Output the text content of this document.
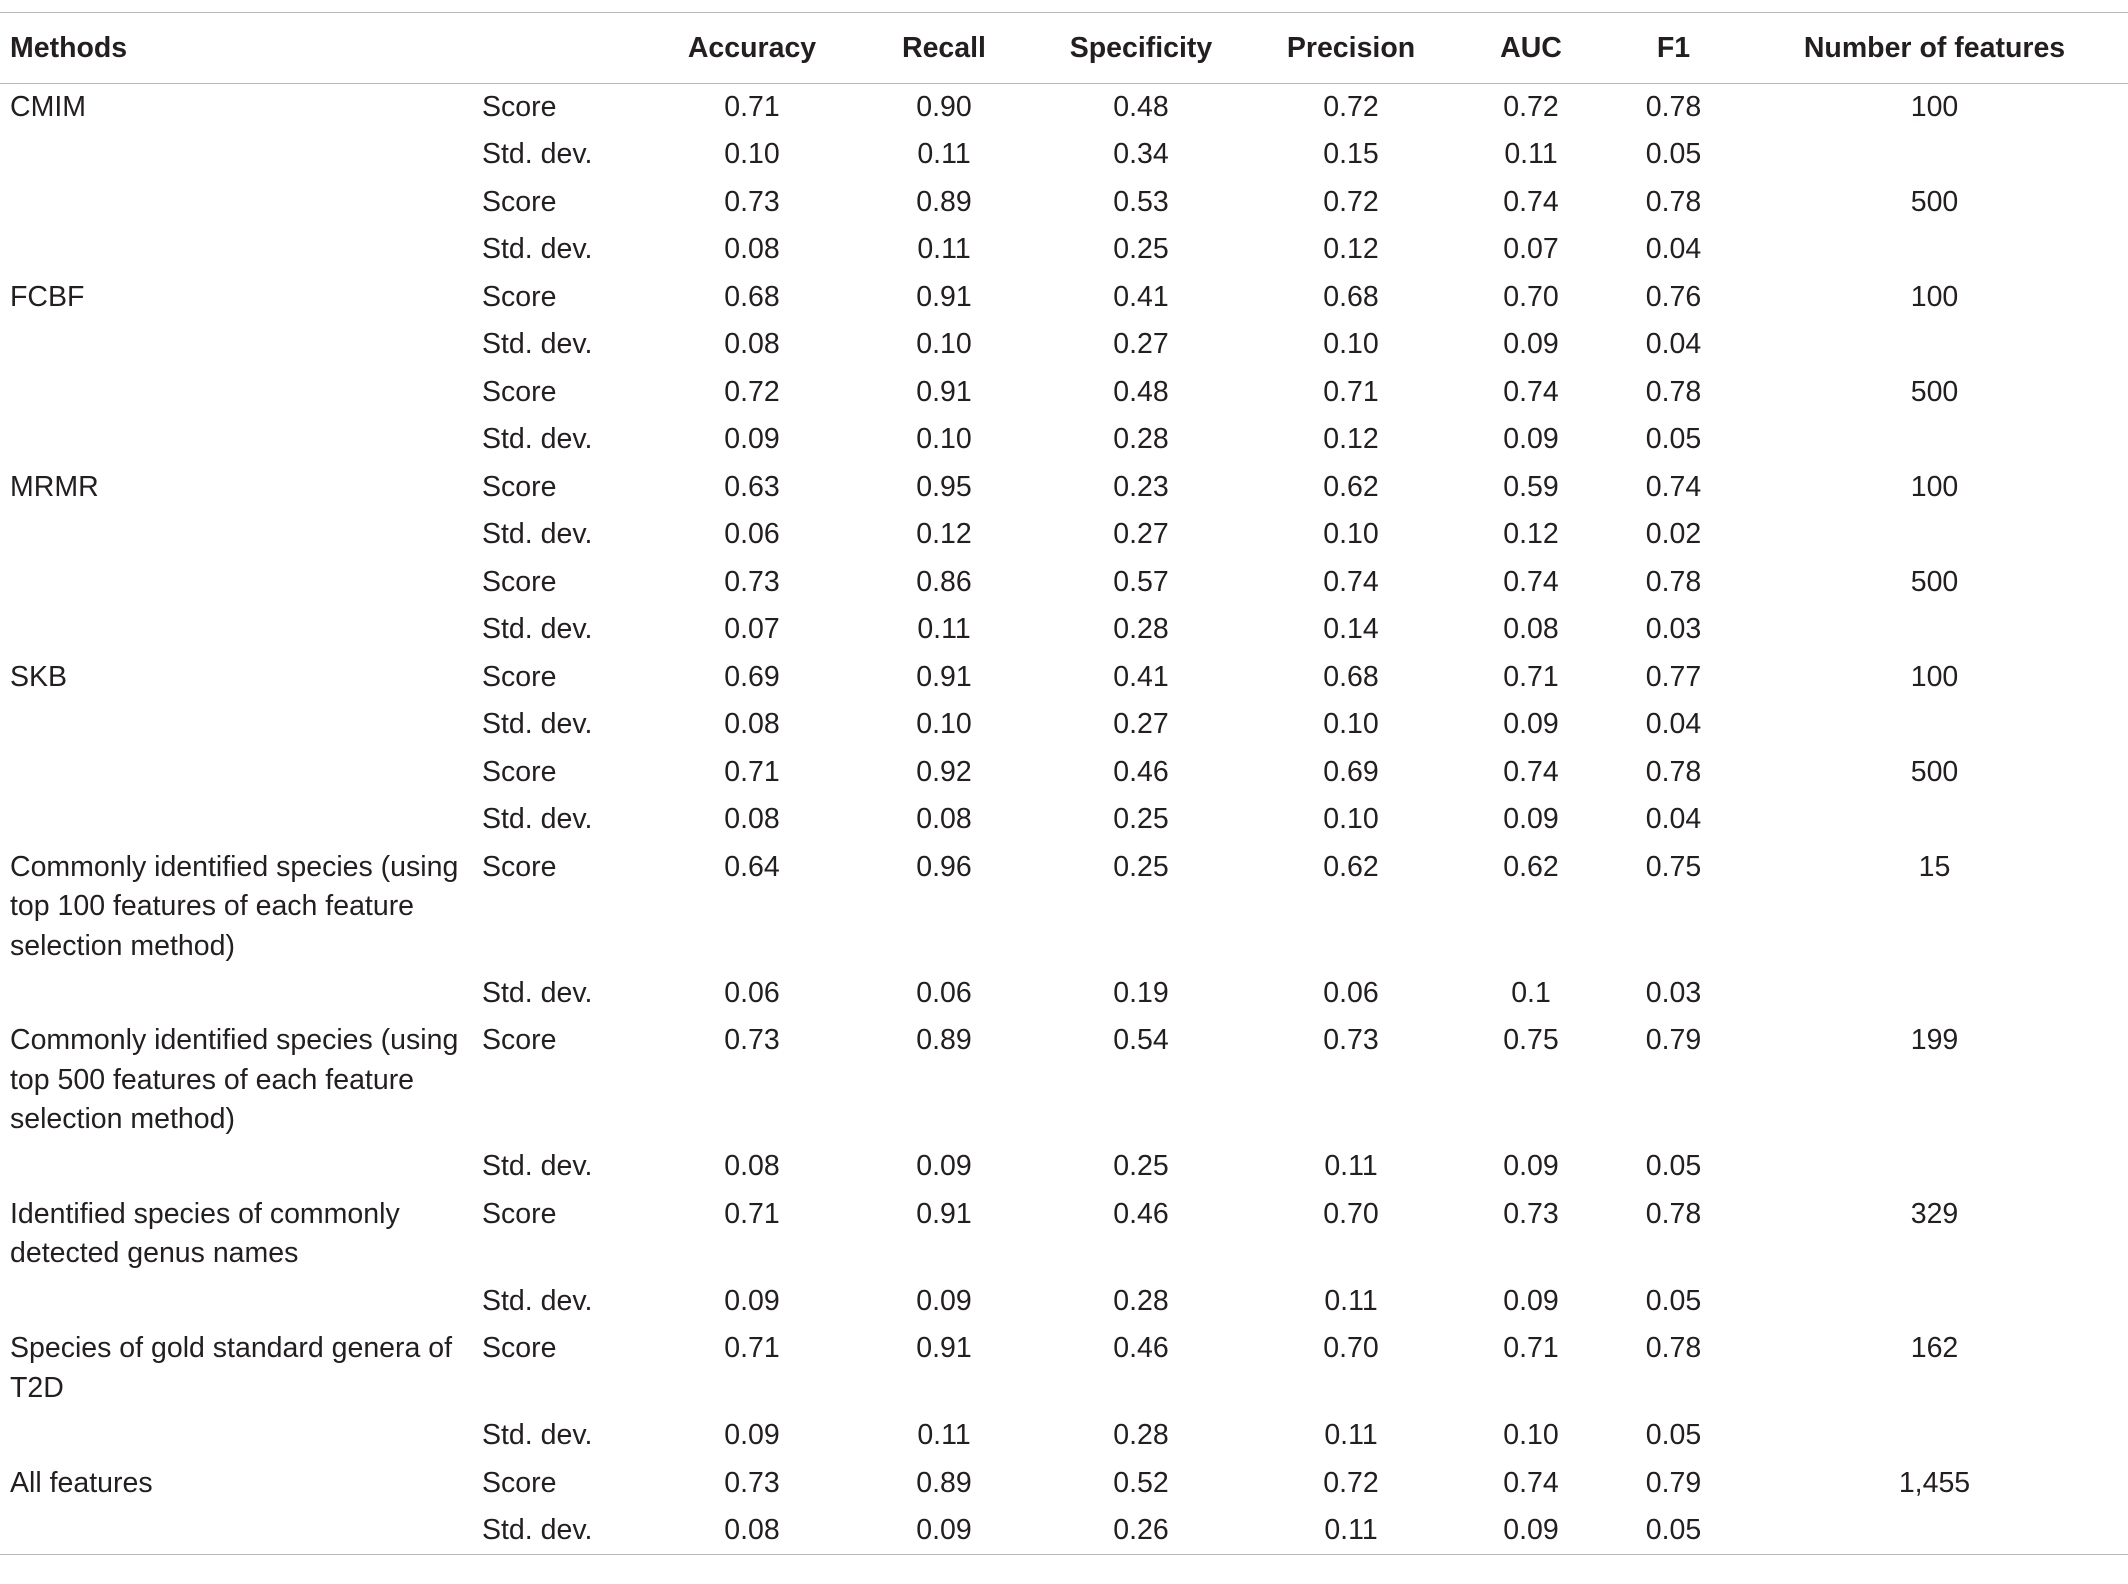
Methods		Accuracy	Recall	Specificity	Precision	AUC	F1	Number of features
CMIM	Score	0.71	0.90	0.48	0.72	0.72	0.78	100
	Std. dev.	0.10	0.11	0.34	0.15	0.11	0.05	
	Score	0.73	0.89	0.53	0.72	0.74	0.78	500
	Std. dev.	0.08	0.11	0.25	0.12	0.07	0.04	
FCBF	Score	0.68	0.91	0.41	0.68	0.70	0.76	100
	Std. dev.	0.08	0.10	0.27	0.10	0.09	0.04	
	Score	0.72	0.91	0.48	0.71	0.74	0.78	500
	Std. dev.	0.09	0.10	0.28	0.12	0.09	0.05	
MRMR	Score	0.63	0.95	0.23	0.62	0.59	0.74	100
	Std. dev.	0.06	0.12	0.27	0.10	0.12	0.02	
	Score	0.73	0.86	0.57	0.74	0.74	0.78	500
	Std. dev.	0.07	0.11	0.28	0.14	0.08	0.03	
SKB	Score	0.69	0.91	0.41	0.68	0.71	0.77	100
	Std. dev.	0.08	0.10	0.27	0.10	0.09	0.04	
	Score	0.71	0.92	0.46	0.69	0.74	0.78	500
	Std. dev.	0.08	0.08	0.25	0.10	0.09	0.04	
Commonly identified species (using top 100 features of each feature selection method)	Score	0.64	0.96	0.25	0.62	0.62	0.75	15
	Std. dev.	0.06	0.06	0.19	0.06	0.1	0.03	
Commonly identified species (using top 500 features of each feature selection method)	Score	0.73	0.89	0.54	0.73	0.75	0.79	199
	Std. dev.	0.08	0.09	0.25	0.11	0.09	0.05	
Identified species of commonly detected genus names	Score	0.71	0.91	0.46	0.70	0.73	0.78	329
	Std. dev.	0.09	0.09	0.28	0.11	0.09	0.05	
Species of gold standard genera of T2D	Score	0.71	0.91	0.46	0.70	0.71	0.78	162
	Std. dev.	0.09	0.11	0.28	0.11	0.10	0.05	
All features	Score	0.73	0.89	0.52	0.72	0.74	0.79	1,455
	Std. dev.	0.08	0.09	0.26	0.11	0.09	0.05	
